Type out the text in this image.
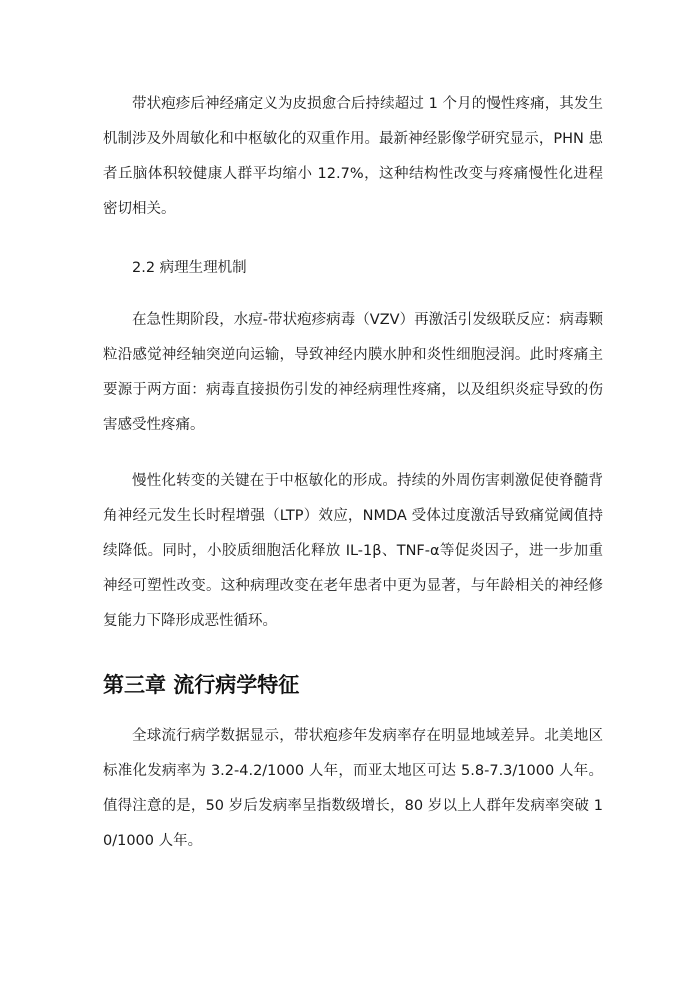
带状疱疹后神经痛定义为皮损愈合后持续超过 1 个月的慢性疼痛，其发生机制涉及外周敏化和中枢敏化的双重作用。最新神经影像学研究显示，PHN 患者丘脑体积较健康人群平均缩小 12.7%，这种结构性改变与疼痛慢性化进程密切相关。

2.2 病理生理机制

在急性期阶段，水痘-带状疱疹病毒（VZV）再激活引发级联反应：病毒颗粒沿感觉神经轴突逆向运输，导致神经内膜水肿和炎性细胞浸润。此时疼痛主要源于两方面：病毒直接损伤引发的神经病理性疼痛，以及组织炎症导致的伤害感受性疼痛。

慢性化转变的关键在于中枢敏化的形成。持续的外周伤害刺激促使脊髓背角神经元发生长时程增强（LTP）效应，NMDA 受体过度激活导致痛觉阈值持续降低。同时，小胶质细胞活化释放 IL-1β、TNF-α等促炎因子，进一步加重神经可塑性改变。这种病理改变在老年患者中更为显著，与年龄相关的神经修复能力下降形成恶性循环。

第三章 流行病学特征

全球流行病学数据显示，带状疱疹年发病率存在明显地域差异。北美地区标准化发病率为 3.2-4.2/1000 人年，而亚太地区可达 5.8-7.3/1000 人年。值得注意的是，50 岁后发病率呈指数级增长，80 岁以上人群年发病率突破 10/1000 人年。
